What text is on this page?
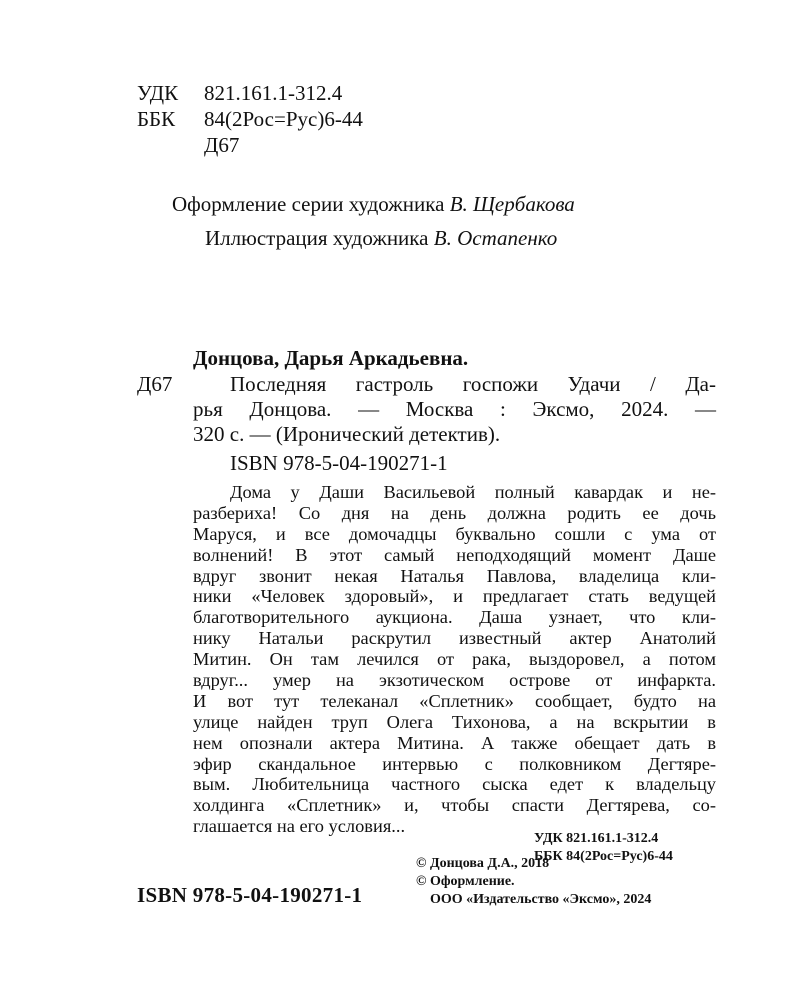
УДК 821.161.1-312.4
ББК 84(2Рос=Рус)6-44
Д67
Оформление серии художника В. Щербакова
Иллюстрация художника В. Остапенко
Донцова, Дарья Аркадьевна.
Д67	Последняя гастроль госпожи Удачи / Да-
рья Донцова. — Москва : Эксмо, 2024. —
320 с. — (Иронический детектив).
ISBN 978-5-04-190271-1
Дома у Даши Васильевой полный кавардак и не-
разбериха! Со дня на день должна родить ее дочь
Маруся, и все домочадцы буквально сошли с ума от
волнений! В этот самый неподходящий момент Даше
вдруг звонит некая Наталья Павлова, владелица кли-
ники «Человек здоровый», и предлагает стать ведущей
благотворительного аукциона. Даша узнает, что кли-
нику Натальи раскрутил известный актер Анатолий
Митин. Он там лечился от рака, выздоровел, а потом
вдруг... умер на экзотическом острове от инфаркта.
И вот тут телеканал «Сплетник» сообщает, будто на
улице найден труп Олега Тихонова, а на вскрытии в
нем опознали актера Митина. А также обещает дать в
эфир скандальное интервью с полковником Дегтяре-
вым. Любительница частного сыска едет к владельцу
холдинга «Сплетник» и, чтобы спасти Дегтярева, со-
глашается на его условия...
УДК 821.161.1-312.4
ББК 84(2Рос=Рус)6-44
© Донцова Д.А., 2018
© Оформление.
ООО «Издательство «Эксмо», 2024
ISBN 978-5-04-190271-1
